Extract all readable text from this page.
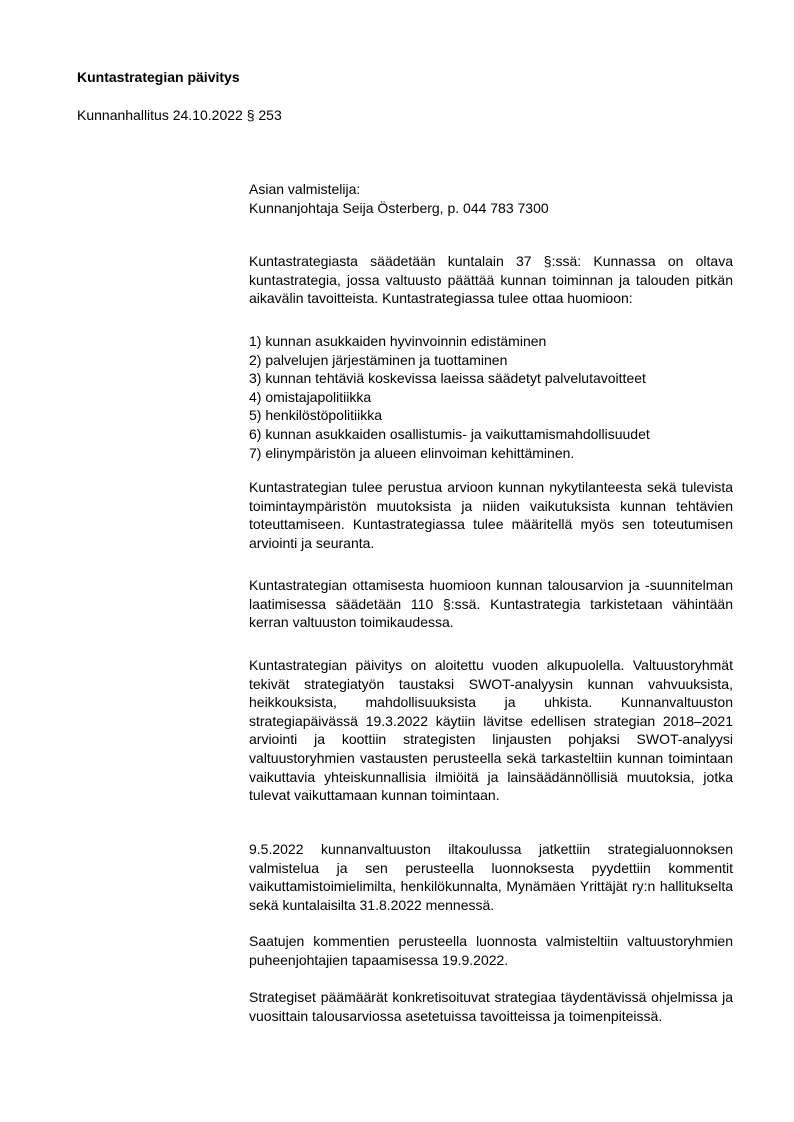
Kuntastrategian päivitys
Kunnanhallitus 24.10.2022 § 253

Asian valmistelija:

Kunnanjohtaja Seija Österberg, p. 044 783 7300

Kuntastrategiasta säädetään kuntalain 37 §:ssä: Kunnassa on oltava kuntastrategia, jossa valtuusto päättää kunnan toiminnan ja talouden pitkän aikavälin tavoitteista. Kuntastrategiassa tulee ottaa huomioon:

1) kunnan asukkaiden hyvinvoinnin edistäminen

2) palvelujen järjestäminen ja tuottaminen

3) kunnan tehtäviä koskevissa laeissa säädetyt palvelutavoitteet

4) omistajapolitiikka

5) henkilöstöpolitiikka

6) kunnan asukkaiden osallistumis- ja vaikuttamismahdollisuudet

7) elinympäristön ja alueen elinvoiman kehittäminen.

Kuntastrategian tulee perustua arvioon kunnan nykytilanteesta sekä tulevista toimintaympäristön muutoksista ja niiden vaikutuksista kunnan tehtävien toteuttamiseen. Kuntastrategiassa tulee määritellä myös sen toteutumisen arviointi ja seuranta.

Kuntastrategian ottamisesta huomioon kunnan talousarvion ja -suunnitelman laatimisessa säädetään 110 §:ssä. Kuntastrategia tarkistetaan vähintään kerran valtuuston toimikaudessa.

Kuntastrategian päivitys on aloitettu vuoden alkupuolella. Valtuustoryhmät tekivät strategiatyön taustaksi SWOT-analyysin kunnan vahvuuksista, heikkouksista, mahdollisuuksista ja uhkista. Kunnanvaltuuston strategiapäivässä 19.3.2022 käytiin lävitse edellisen strategian 2018–2021 arviointi ja koottiin strategisten linjausten pohjaksi SWOT-analyysi valtuustoryhmien vastausten perusteella sekä tarkasteltiin kunnan toimintaan vaikuttavia yhteiskunnallisia ilmiöitä ja lainsäädännöllisiä muutoksia, jotka tulevat vaikuttamaan kunnan toimintaan.

9.5.2022 kunnanvaltuuston iltakoulussa jatkettiin strategialuonnoksen valmistelua ja sen perusteella luonnoksesta pyydettiin kommentit vaikuttamistoimielimilta, henkilökunnalta, Mynämäen Yrittäjät ry:n hallitukselta sekä kuntalaisilta 31.8.2022 mennessä.

Saatujen kommentien perusteella luonnosta valmisteltiin valtuustoryhmien puheenjohtajien tapaamisessa 19.9.2022.

Strategiset päämäärät konkretisoituvat strategiaa täydentävissä ohjelmissa ja vuosittain talousarviossa asetetuissa tavoitteissa ja toimenpiteissä.
